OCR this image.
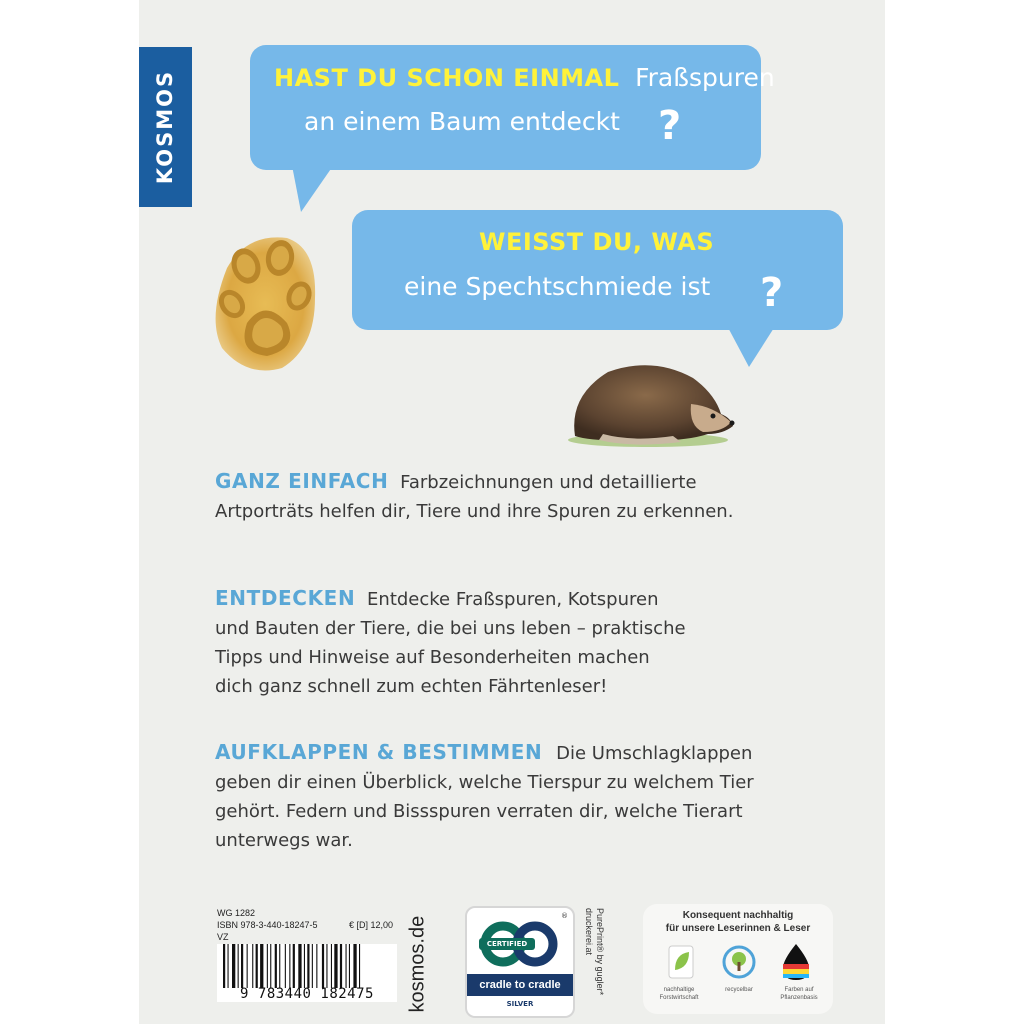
KOSMOS	HAST DU SCHON EINMAL Fraßspuren
an einem Baum entdeckt ?
WEISST DU, WAS
eine Spechtschmiede ist ?
GANZ EINFACH Farbzeichnungen und detaillierte
Artporträts helfen dir, Tiere und ihre Spuren zu erkennen.
ENTDECKEN Entdecke Fraßspuren, Kotspuren
und Bauten der Tiere, die bei uns leben – praktische
Tipps und Hinweise auf Besonderheiten machen
dich ganz schnell zum echten Fährtenleser!
AUFKLAPPEN & BESTIMMEN Die Umschlagklappen
geben dir einen Überblick, welche Tierspur zu welchem Tier
gehört. Federn und Bissspuren verraten dir, welche Tierart
unterwegs war.
WG 1282
ISBN 978-3-440-18247-5	€ [D] 12,00
VZ
9 783440 182475	kosmos.de	®
CERTIFIED
cradle to cradle
SILVER
PurePrint® by gugler*
druckerei.at	Konsequent nachhaltig
für unsere Leserinnen & Leser
nachhaltige Forstwirtschaft
recycelbar	Farben auf Pflanzenbasis
